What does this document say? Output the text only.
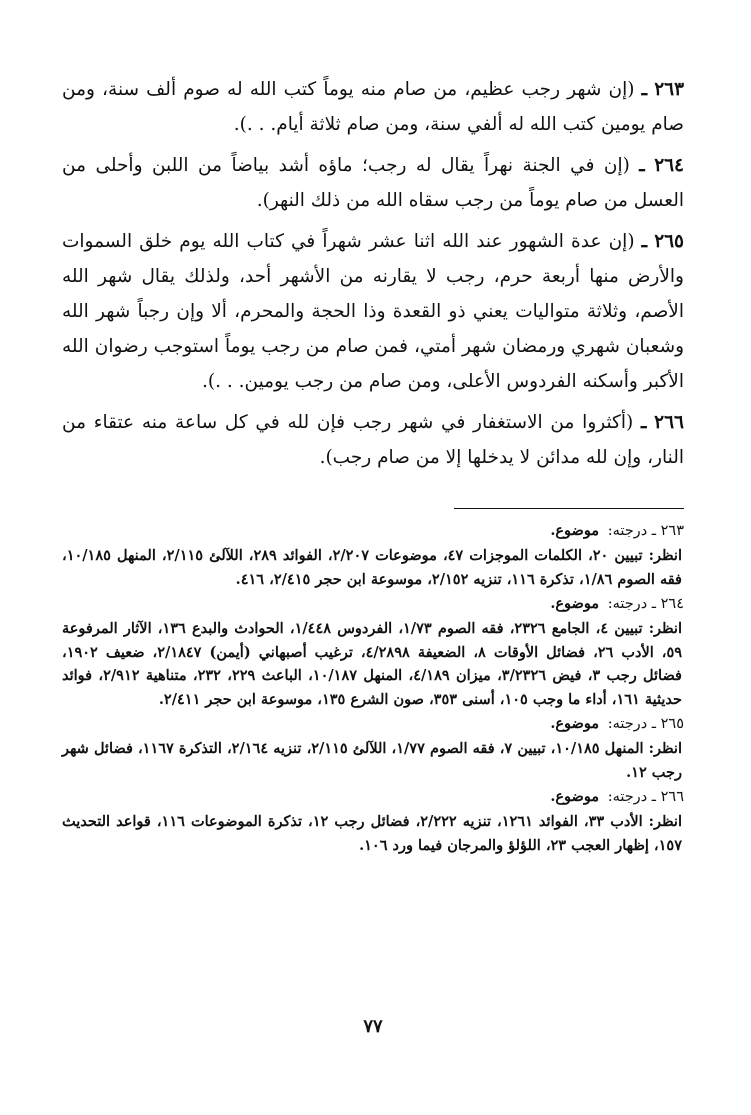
٢٦٣ ـ (إن شهر رجب عظيم، من صام منه يوماً كتب الله له صوم ألف سنة، ومن صام يومين كتب الله له ألفي سنة، ومن صام ثلاثة أيام. . .).

٢٦٤ ـ (إن في الجنة نهراً يقال له رجب؛ ماؤه أشد بياضاً من اللبن وأحلى من العسل من صام يوماً من رجب سقاه الله من ذلك النهر).

٢٦٥ ـ (إن عدة الشهور عند الله اثنا عشر شهراً في كتاب الله يوم خلق السموات والأرض منها أربعة حرم، رجب لا يقارنه من الأشهر أحد، ولذلك يقال شهر الله الأصم، وثلاثة متواليات يعني ذو القعدة وذا الحجة والمحرم، ألا وإن رجباً شهر الله وشعبان شهري ورمضان شهر أمتي، فمن صام من رجب يوماً استوجب رضوان الله الأكبر وأسكنه الفردوس الأعلى، ومن صام من رجب يومين. . .).

٢٦٦ ـ (أكثروا من الاستغفار في شهر رجب فإن لله في كل ساعة منه عتقاء من النار، وإن لله مدائن لا يدخلها إلا من صام رجب).

٢٦٣ ـ درجته: موضوع.
انظر: تبيين ٢٠، الكلمات الموجزات ٤٧، موضوعات ٢/٢٠٧، الفوائد ٢٨٩، اللآلئ ٢/١١٥، المنهل ١٠/١٨٥، فقه الصوم ١/٨٦، تذكرة ١١٦، تنزيه ٢/١٥٢، موسوعة ابن حجر ٢/٤١٥، ٤١٦.
٢٦٤ ـ درجته: موضوع.
انظر: تبيين ٤، الجامع ٢٣٢٦، فقه الصوم ١/٧٣، الفردوس ١/٤٤٨، الحوادث والبدع ١٣٦، الآثار المرفوعة ٥٩، الأدب ٢٦، فضائل الأوقات ٨، الضعيفة ٤/٢٨٩٨، ترغيب أصبهاني (أيمن) ٢/١٨٤٧، ضعيف ١٩٠٢، فضائل رجب ٣، فيض ٣/٢٣٢٦، ميزان ٤/١٨٩، المنهل ١٠/١٨٧، الباعث ٢٢٩، ٢٣٢، متناهية ٢/٩١٢، فوائد حديثية ١٦١، أداء ما وجب ١٠٥، أسنى ٣٥٣، صون الشرع ١٣٥، موسوعة ابن حجر ٢/٤١١.
٢٦٥ ـ درجته: موضوع.
انظر: المنهل ١٠/١٨٥، تبيين ٧، فقه الصوم ١/٧٧، اللآلئ ٢/١١٥، تنزيه ٢/١٦٤، التذكرة ١١٦٧، فضائل شهر رجب ١٢.
٢٦٦ ـ درجته: موضوع.
انظر: الأدب ٣٣، الفوائد ١٢٦١، تنزيه ٢/٢٢٢، فضائل رجب ١٢، تذكرة الموضوعات ١١٦، قواعد التحديث ١٥٧، إظهار العجب ٢٣، اللؤلؤ والمرجان فيما ورد ١٠٦.
٧٧
